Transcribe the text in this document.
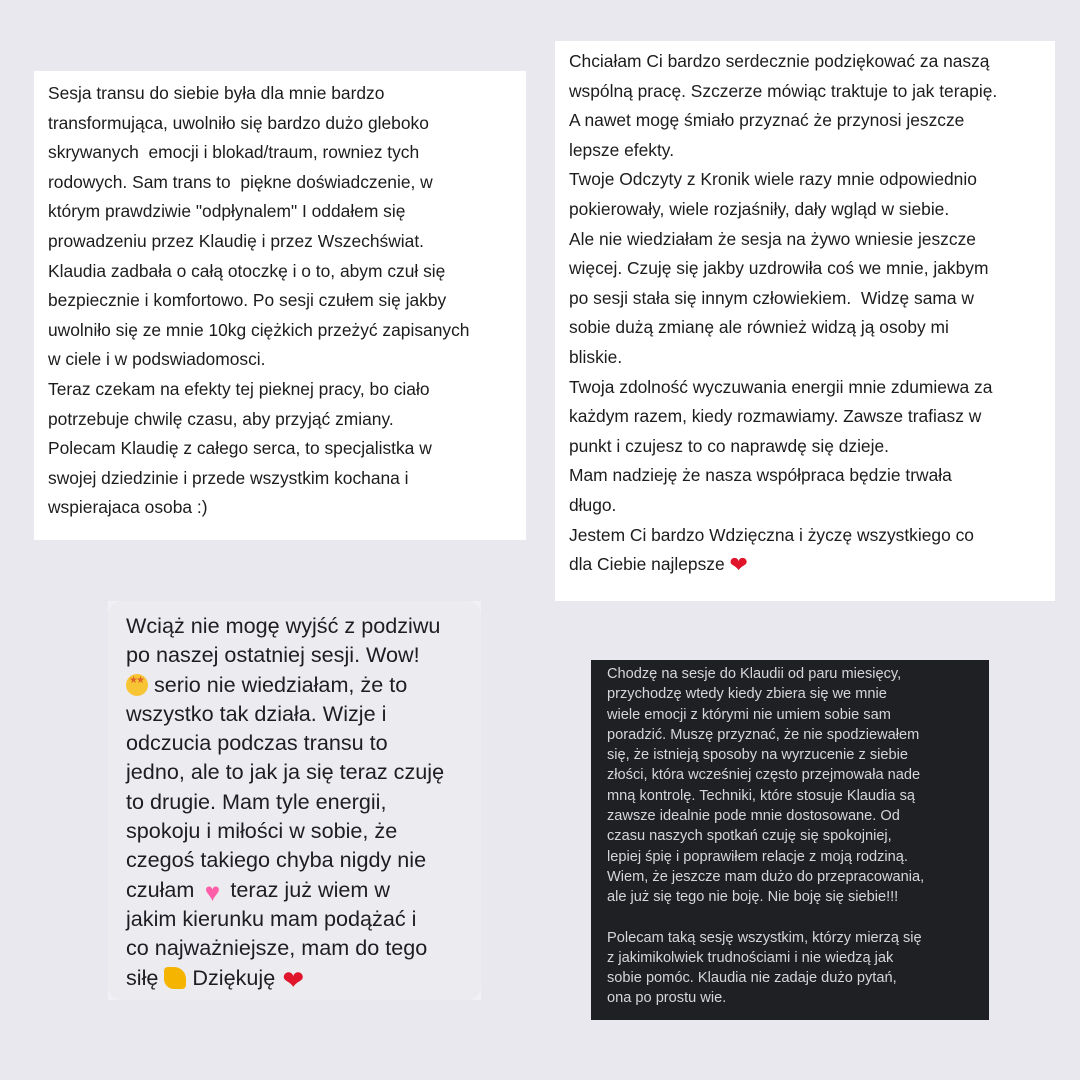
Sesja transu do siebie była dla mnie bardzo
transformująca, uwolniło się bardzo dużo gleboko
skrywanych  emocji i blokad/traum, rowniez tych
rodowych. Sam trans to  piękne doświadczenie, w
którym prawdziwie "odpłynalem" I oddałem się
prowadzeniu przez Klaudię i przez Wszechświat.
Klaudia zadbała o całą otoczkę i o to, abym czuł się
bezpiecznie i komfortowo. Po sesji czułem się jakby
uwolniło się ze mnie 10kg ciężkich przeżyć zapisanych
w ciele i w podswiadomosci.
Teraz czekam na efekty tej pieknej pracy, bo ciało
potrzebuje chwilę czasu, aby przyjąć zmiany.
Polecam Klaudię z całego serca, to specjalistka w
swojej dziedzinie i przede wszystkim kochana i
wspierajaca osoba :)

Chciałam Ci bardzo serdecznie podziękować za naszą
wspólną pracę. Szczerze mówiąc traktuje to jak terapię.
A nawet mogę śmiało przyznać że przynosi jeszcze
lepsze efekty.
Twoje Odczyty z Kronik wiele razy mnie odpowiednio
pokierowały, wiele rozjaśniły, dały wgląd w siebie.
Ale nie wiedziałam że sesja na żywo wniesie jeszcze
więcej. Czuję się jakby uzdrowiła coś we mnie, jakbym
po sesji stała się innym człowiekiem.  Widzę sama w
sobie dużą zmianę ale również widzą ją osoby mi
bliskie.
Twoja zdolność wyczuwania energii mnie zdumiewa za
każdym razem, kiedy rozmawiamy. Zawsze trafiasz w
punkt i czujesz to co naprawdę się dzieje.
Mam nadzieję że nasza współpraca będzie trwała
długo.
Jestem Ci bardzo Wdzięczna i życzę wszystkiego co
dla Ciebie najlepsze ❤

Wciąż nie mogę wyjść z podziwu
po naszej ostatniej sesji. Wow!
★  ★ serio nie wiedziałam, że to
wszystko tak działa. Wizje i
odczucia podczas transu to
jedno, ale to jak ja się teraz czuję
to drugie. Mam tyle energii,
spokoju i miłości w sobie, że
czegoś takiego chyba nigdy nie
czułam ♥ teraz już wiem w
jakim kierunku mam podążać i
co najważniejsze, mam do tego
siłę  Dziękuję ❤

Chodzę na sesje do Klaudii od paru miesięcy,
przychodzę wtedy kiedy zbiera się we mnie
wiele emocji z którymi nie umiem sobie sam
poradzić. Muszę przyznać, że nie spodziewałem
się, że istnieją sposoby na wyrzucenie z siebie
złości, która wcześniej często przejmowała nade
mną kontrolę. Techniki, które stosuje Klaudia są
zawsze idealnie pode mnie dostosowane. Od
czasu naszych spotkań czuję się spokojniej,
lepiej śpię i poprawiłem relacje z moją rodziną.
Wiem, że jeszcze mam dużo do przepracowania,
ale już się tego nie boję. Nie boję się siebie!!!

Polecam taką sesję wszystkim, którzy mierzą się
z jakimikolwiek trudnościami i nie wiedzą jak
sobie pomóc. Klaudia nie zadaje dużo pytań,
ona po prostu wie.
